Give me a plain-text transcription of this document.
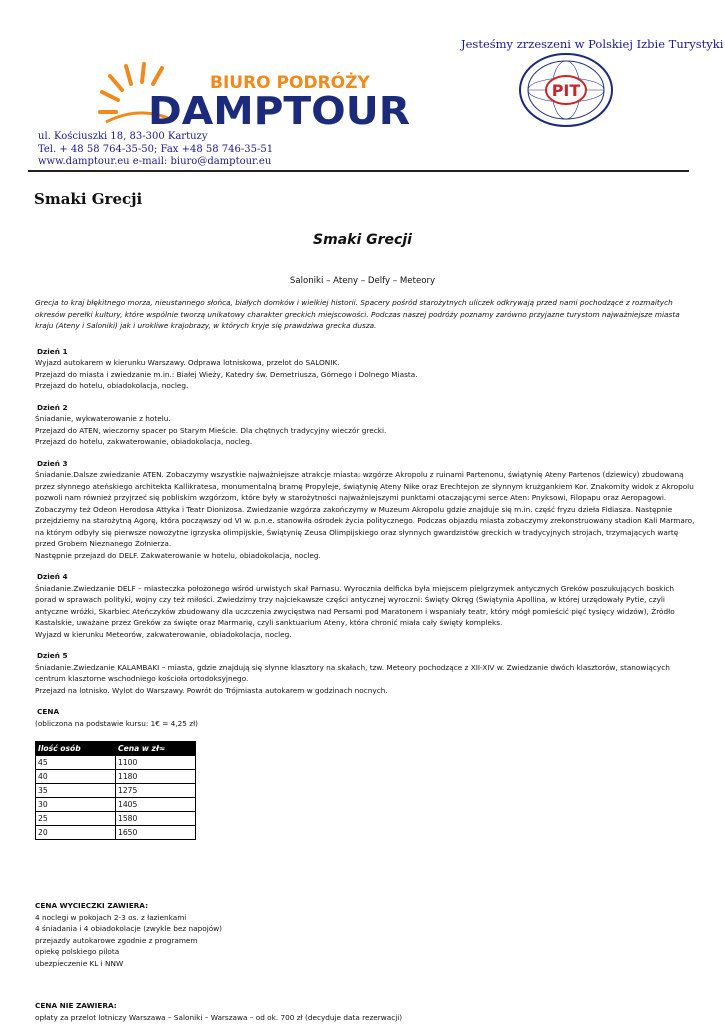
Jesteśmy zrzeszeni w Polskiej Izbie Turystyki
BIURO PODRÓŻY
DAMPTOUR	PIT
ul. Kościuszki 18, 83-300 Kartuzy
Tel. + 48 58 764-35-50; Fax +48 58 746-35-51
www.damptour.eu e-mail: biuro@damptour.eu
Smaki Grecji
Smaki Grecji
Saloniki – Ateny – Delfy – Meteory

Grecja to kraj błękitnego morza, nieustannego słońca, białych domków i wielkiej historii. Spacery pośród starożytnych uliczek odkrywają przed nami pochodzące z rozmaitych okresów perełki kultury, które wspólnie tworzą unikatowy charakter greckich miejscowości. Podczas naszej podróży poznamy zarówno przyjazne turystom najważniejsze miasta kraju (Ateny i Saloniki) jak i urokliwe krajobrazy, w których kryje się prawdziwa grecka dusza.

Dzień 1
Wyjazd autokarem w kierunku Warszawy. Odprawa lotniskowa, przelot do SALONIK.
Przejazd do miasta i zwiedzanie m.in.: Białej Wieży, Katedry św. Demetriusza, Górnego i Dolnego Miasta.
Przejazd do hotelu, obiadokolacja, nocleg.
Dzień 2
Śniadanie, wykwaterowanie z hotelu.
Przejazd do ATEN, wieczorny spacer po Starym Mieście. Dla chętnych tradycyjny wieczór grecki.
Przejazd do hotelu, zakwaterowanie, obiadokolacja, nocleg.
Dzień 3
Śniadanie.Dalsze zwiedzanie ATEN. Zobaczymy wszystkie najważniejsze atrakcje miasta: wzgórze Akropolu z ruinami Partenonu, świątynię Ateny Partenos (dziewicy) zbudowaną przez słynnego ateńskiego architekta Kallikratesa, monumentalną bramę Propyleje, świątynię Ateny Nike oraz Erechtejon ze słynnym krużgankiem Kor. Znakomity widok z Akropolu pozwoli nam również przyjrzeć się pobliskim wzgórzom, które były w starożytności najważniejszymi punktami otaczającymi serce Aten: Pnyksowi, Filopapu oraz Aeropagowi. Zobaczymy też Odeon Herodosa Attyka i Teatr Dionizosa. Zwiedzanie wzgórza zakończymy w Muzeum Akropolu gdzie znajduje się m.in. część fryzu dzieła Fidiasza. Następnie przejdziemy na starożytną Agorę, która począwszy od VI w. p.n.e. stanowiła ośrodek życia politycznego. Podczas objazdu miasta zobaczymy zrekonstruowany stadion Kali Marmaro, na którym odbyły się pierwsze nowożytne igrzyska olimpijskie, Świątynię Zeusa Olimpijskiego oraz słynnych gwardzistów greckich w tradycyjnych strojach, trzymających wartę przed Grobem Nieznanego Żołnierza.
Następnie przejazd do DELF. Zakwaterowanie w hotelu, obiadokolacja, nocleg.
Dzień 4
Śniadanie.Zwiedzanie DELF – miasteczka położonego wśród urwistych skał Parnasu. Wyrocznia delficka była miejscem pielgrzymek antycznych Greków poszukujących boskich porad w sprawach polityki, wojny czy też miłości. Zwiedzimy trzy najciekawsze części antycznej wyroczni: Święty Okręg (Świątynia Apollina, w której urzędowały Pytie, czyli antyczne wróżki, Skarbiec Ateńczyków zbudowany dla uczczenia zwycięstwa nad Persami pod Maratonem i wspaniały teatr, który mógł pomieścić pięć tysięcy widzów), Źródło Kastalskie, uważane przez Greków za święte oraz Marmarię, czyli sanktuarium Ateny, która chronić miała cały święty kompleks.
Wyjazd w kierunku Meteorów, zakwaterowanie, obiadokolacja, nocleg.
Dzień 5
Śniadanie.Zwiedzanie KALAMBAKI – miasta, gdzie znajdują się słynne klasztory na skałach, tzw. Meteory pochodzące z XII-XIV w. Zwiedzanie dwóch klasztorów, stanowiących centrum klasztorne wschodniego kościoła ortodoksyjnego.
Przejazd na lotnisko. Wylot do Warszawy. Powrót do Trójmiasta autokarem w godzinach nocnych.
CENA
(obliczona na podstawie kursu: 1€ = 4,25 zł)
Ilość osób	Cena w zł≈
45	1100
40	1180
35	1275
30	1405
25	1580
20	1650
CENA WYCIECZKI ZAWIERA:
4 noclegi w pokojach 2-3 os. z łazienkami
4 śniadania i 4 obiadokolacje (zwykle bez napojów)
przejazdy autokarowe zgodnie z programem
opiekę polskiego pilota
ubezpieczenie KL i NNW
CENA NIE ZAWIERA:
opłaty za przelot lotniczy Warszawa – Saloniki – Warszawa – od ok. 700 zł (decyduje data rezerwacji)
